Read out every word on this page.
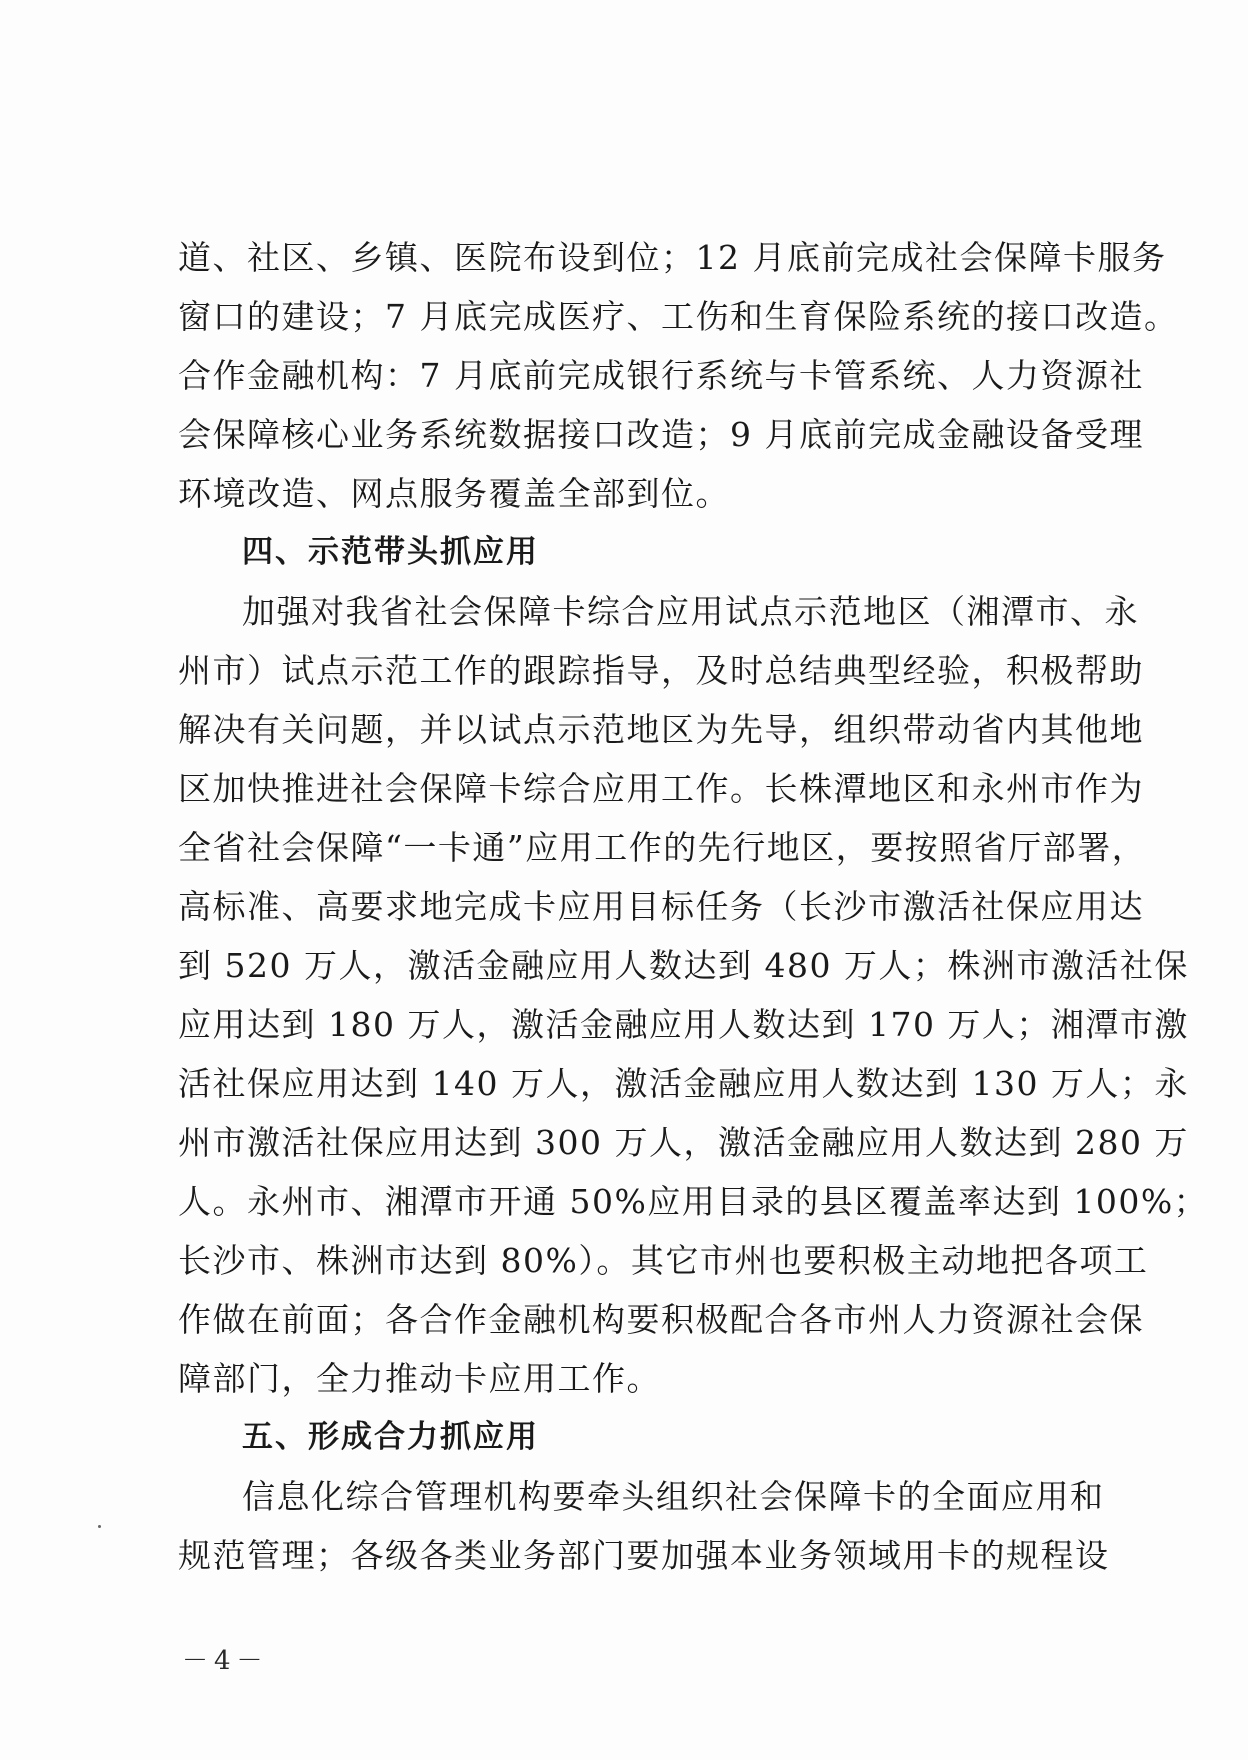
道、社区、乡镇、医院布设到位；12 月底前完成社会保障卡服务
窗口的建设；7 月底完成医疗、工伤和生育保险系统的接口改造。
合作金融机构：7 月底前完成银行系统与卡管系统、人力资源社
会保障核心业务系统数据接口改造；9 月底前完成金融设备受理
环境改造、网点服务覆盖全部到位。
四、示范带头抓应用
加强对我省社会保障卡综合应用试点示范地区（湘潭市、永
州市）试点示范工作的跟踪指导，及时总结典型经验，积极帮助
解决有关问题，并以试点示范地区为先导，组织带动省内其他地
区加快推进社会保障卡综合应用工作。长株潭地区和永州市作为
全省社会保障“一卡通”应用工作的先行地区，要按照省厅部署，
高标准、高要求地完成卡应用目标任务（长沙市激活社保应用达
到 520 万人，激活金融应用人数达到 480 万人；株洲市激活社保
应用达到 180 万人，激活金融应用人数达到 170 万人；湘潭市激
活社保应用达到 140 万人，激活金融应用人数达到 130 万人；永
州市激活社保应用达到 300 万人，激活金融应用人数达到 280 万
人。永州市、湘潭市开通 50%应用目录的县区覆盖率达到 100%；
长沙市、株洲市达到 80%）。其它市州也要积极主动地把各项工
作做在前面；各合作金融机构要积极配合各市州人力资源社会保
障部门，全力推动卡应用工作。
五、形成合力抓应用
信息化综合管理机构要牵头组织社会保障卡的全面应用和
规范管理；各级各类业务部门要加强本业务领域用卡的规程设
－4－
